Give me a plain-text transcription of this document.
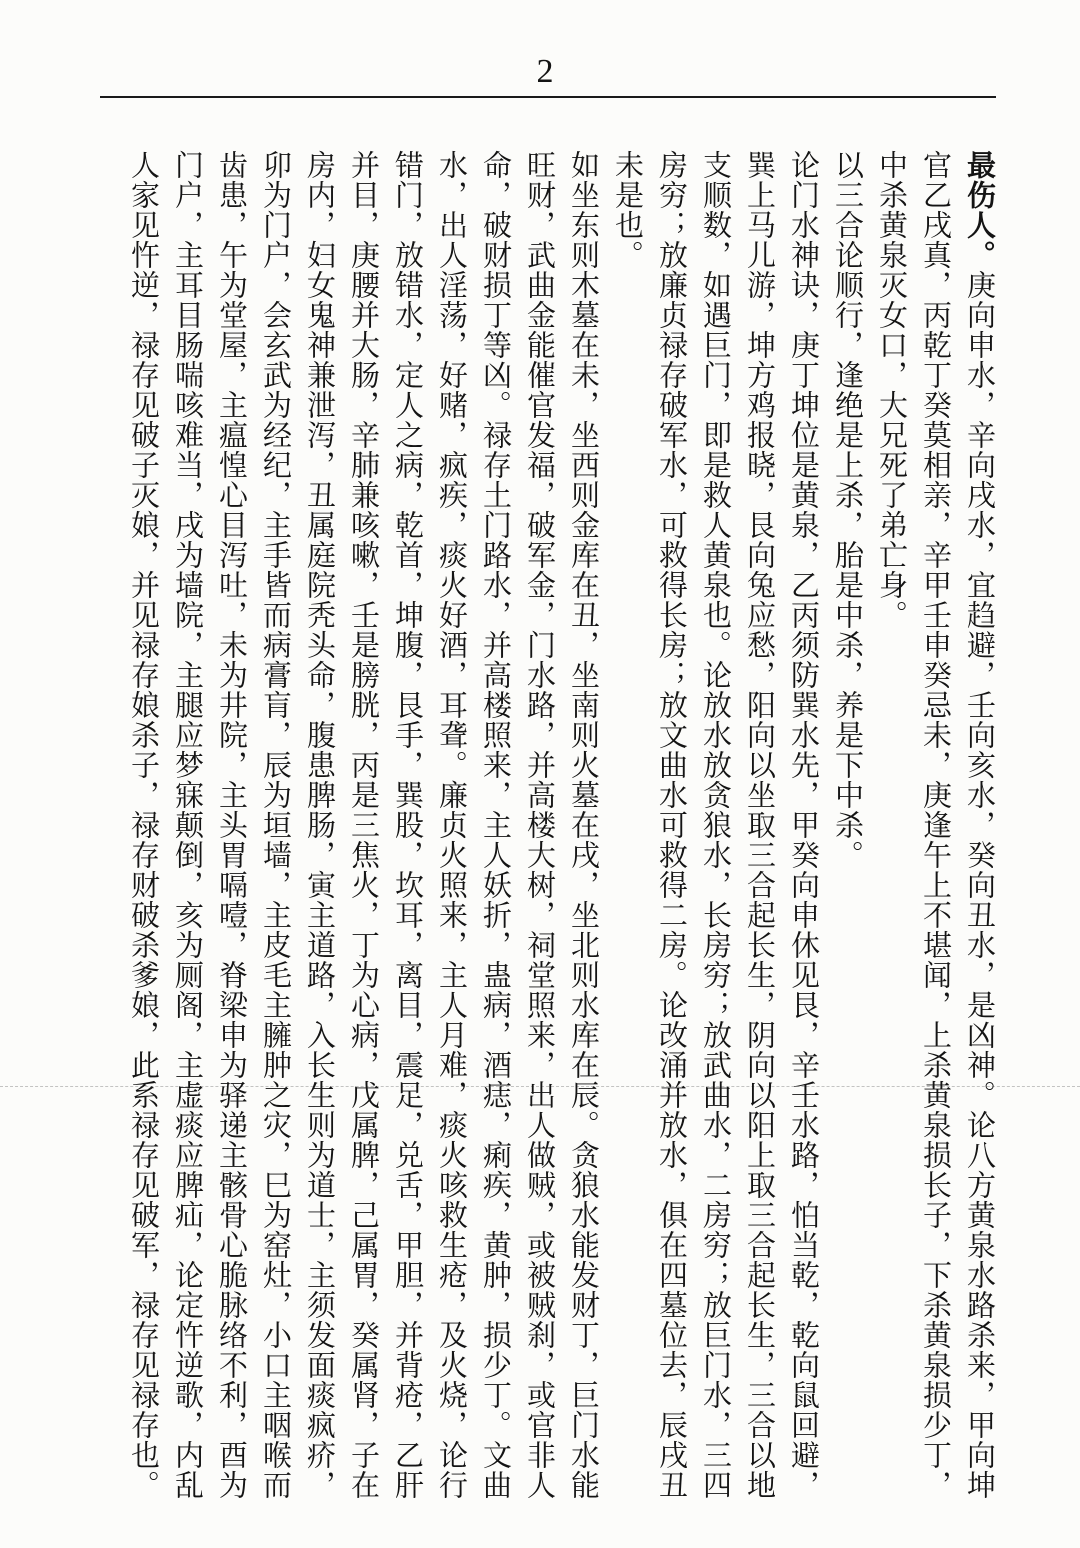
2
最伤人。庚向申水，辛向戌水，宜趋避，壬向亥水，癸向丑水，是凶神。论八方黄泉水路杀来，甲向坤
官乙戌真，丙乾丁癸莫相亲，辛甲壬申癸忌未，庚逢午上不堪闻，上杀黄泉损长子，下杀黄泉损少丁，
中杀黄泉灭女口，大兄死了弟亡身。
以三合论顺行，逢绝是上杀，胎是中杀，养是下中杀。
论门水神诀，庚丁坤位是黄泉，乙丙须防巽水先，甲癸向申休见艮，辛壬水路，怕当乾，乾向鼠回避，
巽上马儿游，坤方鸡报晓，艮向兔应愁，阳向以坐取三合起长生，阴向以阳上取三合起长生，三合以地
支顺数，如遇巨门，即是救人黄泉也。论放水放贪狼水，长房穷；放武曲水，二房穷；放巨门水，三四
房穷；放廉贞禄存破军水，可救得长房；放文曲水可救得二房。论改涌并放水，俱在四墓位去，辰戌丑
未是也。
如坐东则木墓在未，坐西则金库在丑，坐南则火墓在戌，坐北则水库在辰。贪狼水能发财丁，巨门水能
旺财，武曲金能催官发福，破军金，门水路，并高楼大树，祠堂照来，出人做贼，或被贼刹，或官非人
命，破财损丁等凶。禄存土门路水，并高楼照来，主人妖折，蛊病，酒痣，痢疾，黄肿，损少丁。文曲
水，出人淫荡，好赌，疯疾，痰火好酒，耳聋。廉贞火照来，主人月难，痰火咳救生疮，及火烧，论行
错门，放错水，定人之病，乾首，坤腹，艮手，巽股，坎耳，离目，震足，兑舌，甲胆，并背疮，乙肝
并目，庚腰并大肠，辛肺兼咳嗽，壬是膀胱，丙是三焦火，丁为心病，戊属脾，己属胃，癸属肾，子在
房内，妇女鬼神兼泄泻，丑属庭院秃头命，腹患脾肠，寅主道路，入长生则为道士，主须发面痰疯疥，
卯为门户，会玄武为经纪，主手皆而病膏肓，辰为垣墙，主皮毛主臃肿之灾，巳为窑灶，小口主咽喉而
齿患，午为堂屋，主瘟惶心目泻吐，未为井院，主头胃嗝噎，脊梁申为驿递主骸骨心脆脉络不利，酉为
门户，主耳目肠喘咳难当，戌为墙院，主腿应梦寐颠倒，亥为厕阁，主虚痰应脾疝，论定忤逆歌，内乱
人家见忤逆，禄存见破子灭娘，并见禄存娘杀子，禄存财破杀爹娘，此系禄存见破军，禄存见禄存也。
